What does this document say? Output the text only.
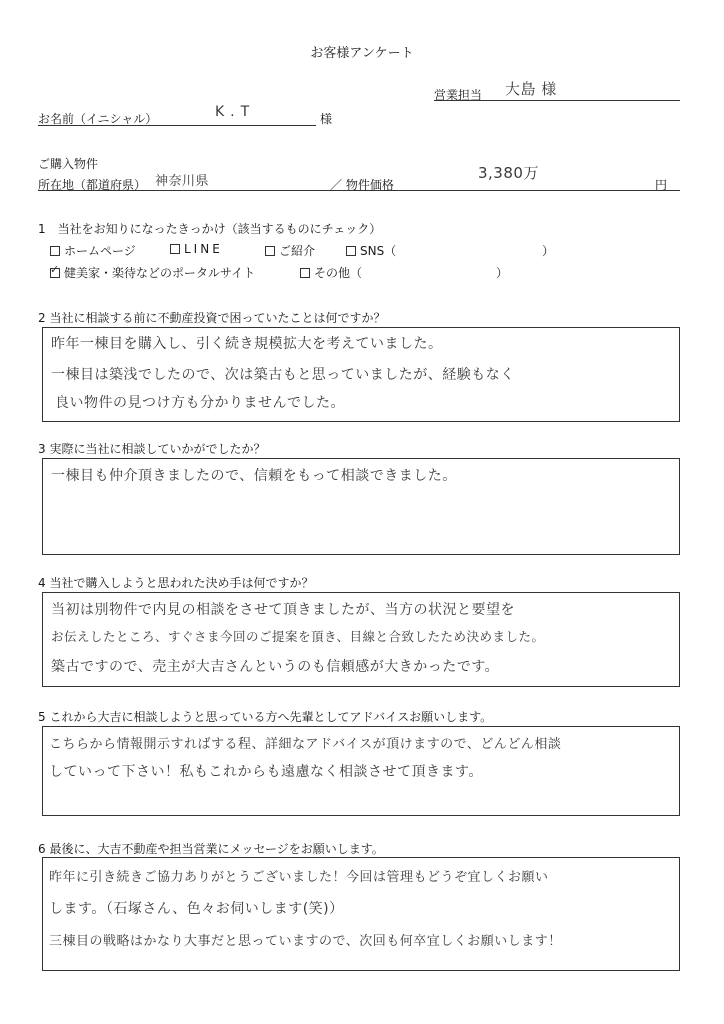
お客様アンケート
営業担当 大島 様
お名前（イニシャル）	K.T	様
ご購入物件
所在地（都道府県） 神奈川県	／ 物件価格
3,380万
円
1　当社をお知りになったきっかけ（該当するものにチェック）
ホームページ	LINE	ご紹介	SNS（	）
✓健美家・楽待などのポータルサイト	その他（	）
2 当社に相談する前に不動産投資で困っていたことは何ですか？
昨年一棟目を購入し、引く続き規模拡大を考えていました。
一棟目は築浅でしたので、次は築古もと思っていましたが、経験もなく
良い物件の見つけ方も分かりませんでした。
3 実際に当社に相談していかがでしたか？
一棟目も仲介頂きましたので、信頼をもって相談できました。
4 当社で購入しようと思われた決め手は何ですか？
当初は別物件で内見の相談をさせて頂きましたが、当方の状況と要望を
お伝えしたところ、すぐさま今回のご提案を頂き、目線と合致したため決めました。
築古ですので、売主が大吉さんというのも信頼感が大きかったです。
5 これから大吉に相談しようと思っている方へ先輩としてアドバイスお願いします。
こちらから情報開示すればする程、詳細なアドバイスが頂けますので、どんどん相談
していって下さい！私もこれからも遠慮なく相談させて頂きます。
6 最後に、大吉不動産や担当営業にメッセージをお願いします。
昨年に引き続きご協力ありがとうございました！今回は管理もどうぞ宜しくお願い
します。（石塚さん、色々お伺いします(笑)）
三棟目の戦略はかなり大事だと思っていますので、次回も何卒宜しくお願いします！
